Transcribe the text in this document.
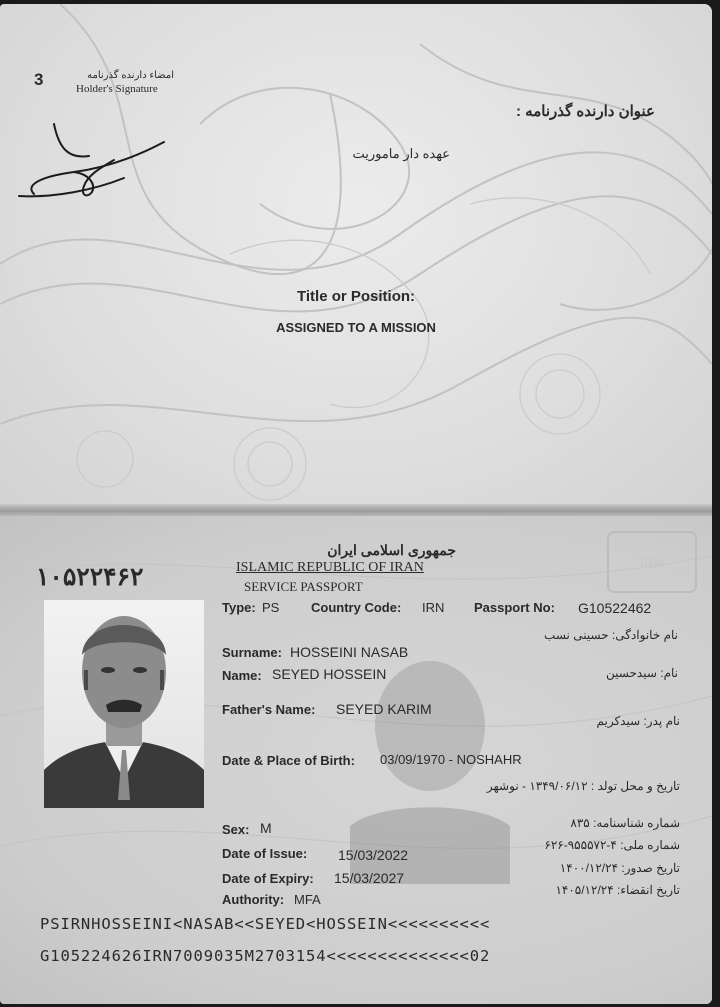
3	امضاء دارنده گذرنامه
Holder's Signature
عنوان دارنده گذرنامه :
عهده دار ماموریت
Title or Position:
ASSIGNED TO A MISSION
IRN
۱۰۵۲۲۴۶۲
جمهوری اسلامی ایران
ISLAMIC REPUBLIC OF IRAN
SERVICE PASSPORT
Type: PS Country Code: IRN Passport No: G10522462
Surname: HOSSEINI NASAB
نام خانوادگی: حسینی نسب
Name: SEYED HOSSEIN	نام: سیدحسین
Father's Name: SEYED KARIM
نام پدر: سیدکریم
Date & Place of Birth: 03/09/1970 - NOSHAHR
تاریخ و محل تولد : ۱۳۴۹/۰۶/۱۲ - نوشهر
شماره شناسنامه: ۸۳۵
شماره ملی: ۴-۹۵۵۵۷۲-۶۲۶
Sex: M
Date of Issue: 15/03/2022
تاریخ صدور: ۱۴۰۰/۱۲/۲۴
Date of Expiry: 15/03/2027
تاریخ انقضاء: ۱۴۰۵/۱۲/۲۴
Authority: MFA
PSIRNHOSSEINI<NASAB<<SEYED<HOSSEIN<<<<<<<<<<
G105224626IRN7009035M2703154<<<<<<<<<<<<<<02
